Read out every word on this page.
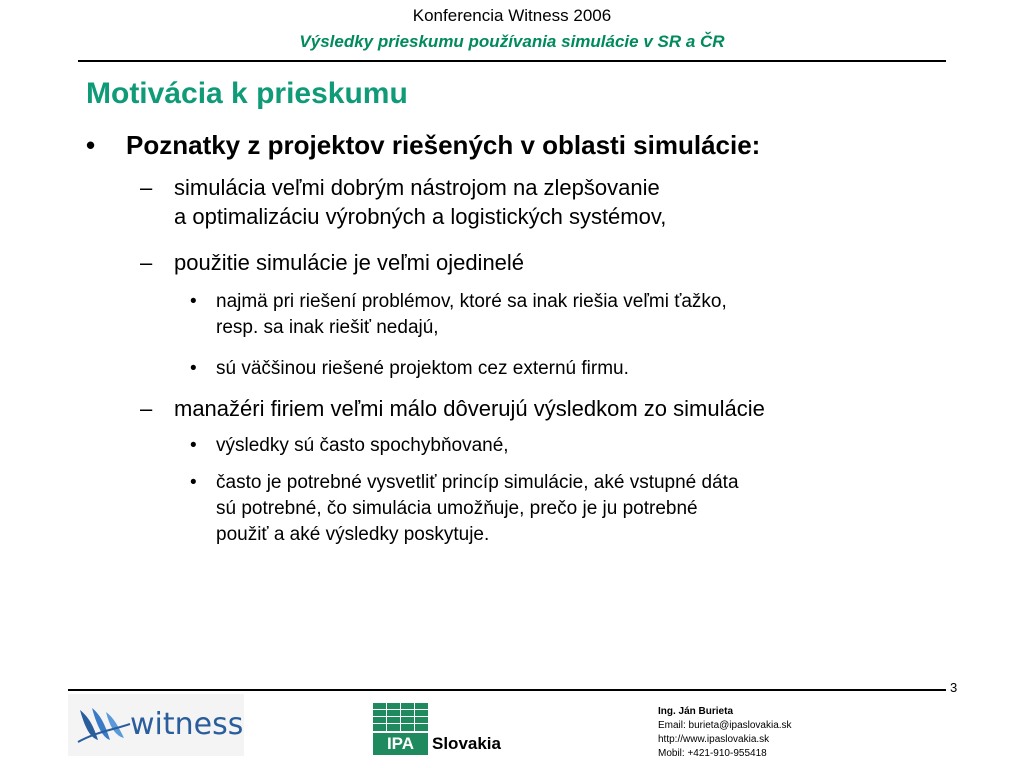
Konferencia Witness 2006
Výsledky prieskumu používania simulácie v SR a ČR
Motivácia k prieskumu
• Poznatky z projektov riešených v oblasti simulácie:
– simulácia veľmi dobrým nástrojom na zlepšovanie
a optimalizáciu výrobných a logistických systémov,
– použitie simulácie je veľmi ojedinelé
• najmä pri riešení problémov, ktoré sa inak riešia veľmi ťažko,
resp. sa inak riešiť nedajú,
• sú väčšinou riešené projektom cez externú firmu.
– manažéri firiem veľmi málo dôverujú výsledkom zo simulácie
• výsledky sú často spochybňované,
• často je potrebné vysvetliť princíp simulácie, aké vstupné dáta
sú potrebné, čo simulácia umožňuje, prečo je ju potrebné
použiť a aké výsledky poskytuje.
3
witness
IPA	Slovakia
Ing. Ján Burieta
Email: burieta@ipaslovakia.sk
http://www.ipaslovakia.sk
Mobil: +421-910-955418
